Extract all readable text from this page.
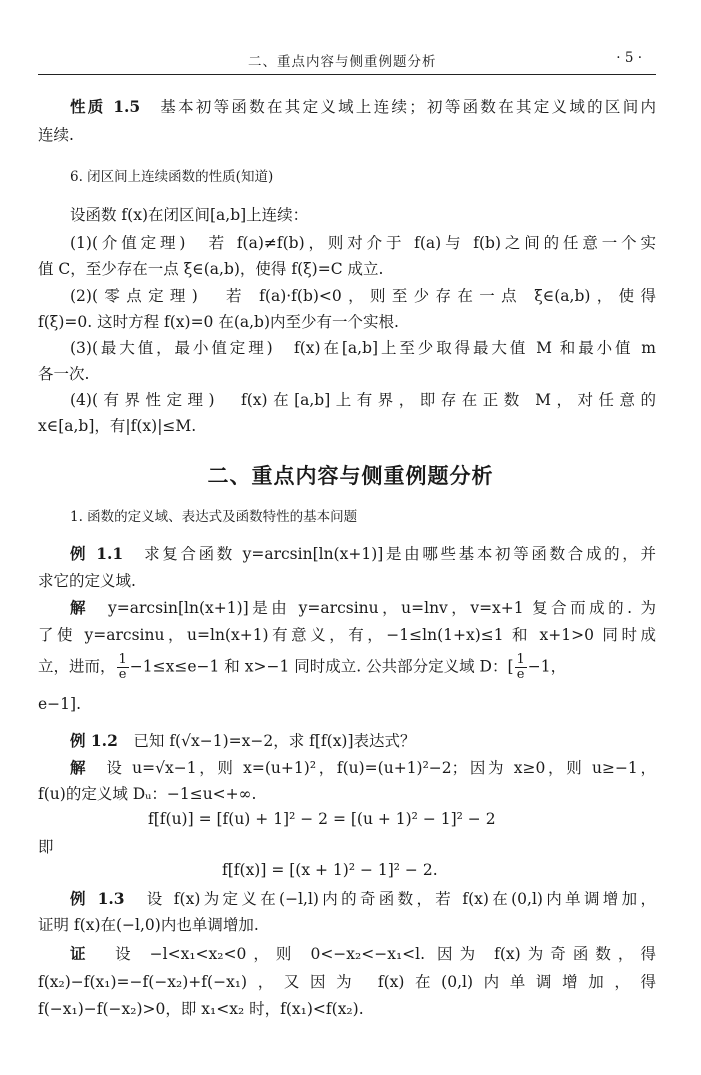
二、重点内容与侧重例题分析	· 5 ·
性质 1.5　 基本初等函数在其定义域上连续；初等函数在其定义域的区间内
连续.
6. 闭区间上连续函数的性质(知道)
设函数 f(x)在闭区间[a,b]上连续：
(1)(介值定理)　若 f(a)≠f(b)，则对介于 f(a)与 f(b)之间的任意一个实
值 C，至少存在一点 ξ∈(a,b)，使得 f(ξ)=C 成立.
(2)(零点定理)　若 f(a)·f(b)<0，则至少存在一点 ξ∈(a,b)，使得
f(ξ)=0. 这时方程 f(x)=0 在(a,b)内至少有一个实根.
(3)(最大值，最小值定理)　f(x)在[a,b]上至少取得最大值 M 和最小值 m
各一次.
(4)(有界性定理)　f(x)在[a,b]上有界，即存在正数 M，对任意的
x∈[a,b]，有|f(x)|≤M.
二、重点内容与侧重例题分析
1. 函数的定义域、表达式及函数特性的基本问题
例 1.1　 求复合函数 y=arcsin[ln(x+1)]是由哪些基本初等函数合成的，并
求它的定义域.
解　 y=arcsin[ln(x+1)]是由 y=arcsinu，u=lnv，v=x+1 复合而成的. 为
了使 y=arcsinu，u=ln(x+1)有意义，有，−1≤ln(1+x)≤1 和 x+1>0 同时成
立，进而， $\frac{1}{e} -1\le x\le e-1$ 和 x>−1 同时成立. 公共部分定义域 D：[ $\frac{1}{e} -1$，
e−1].
例 1.2　 已知 f(√x−1)=x−2，求 f[f(x)]表达式？
解　 设 u=√x−1，则 x=(u+1)²，f(u)=(u+1)²−2；因为 x≥0，则 u≥−1，
f(u)的定义域 Dᵤ：−1≤u<+∞.
f[f(u)] = [f(u) + 1]² − 2 = [(u + 1)² − 1]² − 2
即
f[f(x)] = [(x + 1)² − 1]² − 2.
例 1.3　 设 f(x)为定义在(−l,l)内的奇函数，若 f(x)在(0,l)内单调增加，
证明 f(x)在(−l,0)内也单调增加.
证　 设 −l<x₁<x₂<0，则 0<−x₂<−x₁<l. 因为 f(x)为奇函数，得
f(x₂)−f(x₁)=−f(−x₂)+f(−x₁)，又因为 f(x)在(0,l)内单调增加，得
f(−x₁)−f(−x₂)>0，即 x₁<x₂ 时，f(x₁)<f(x₂).
